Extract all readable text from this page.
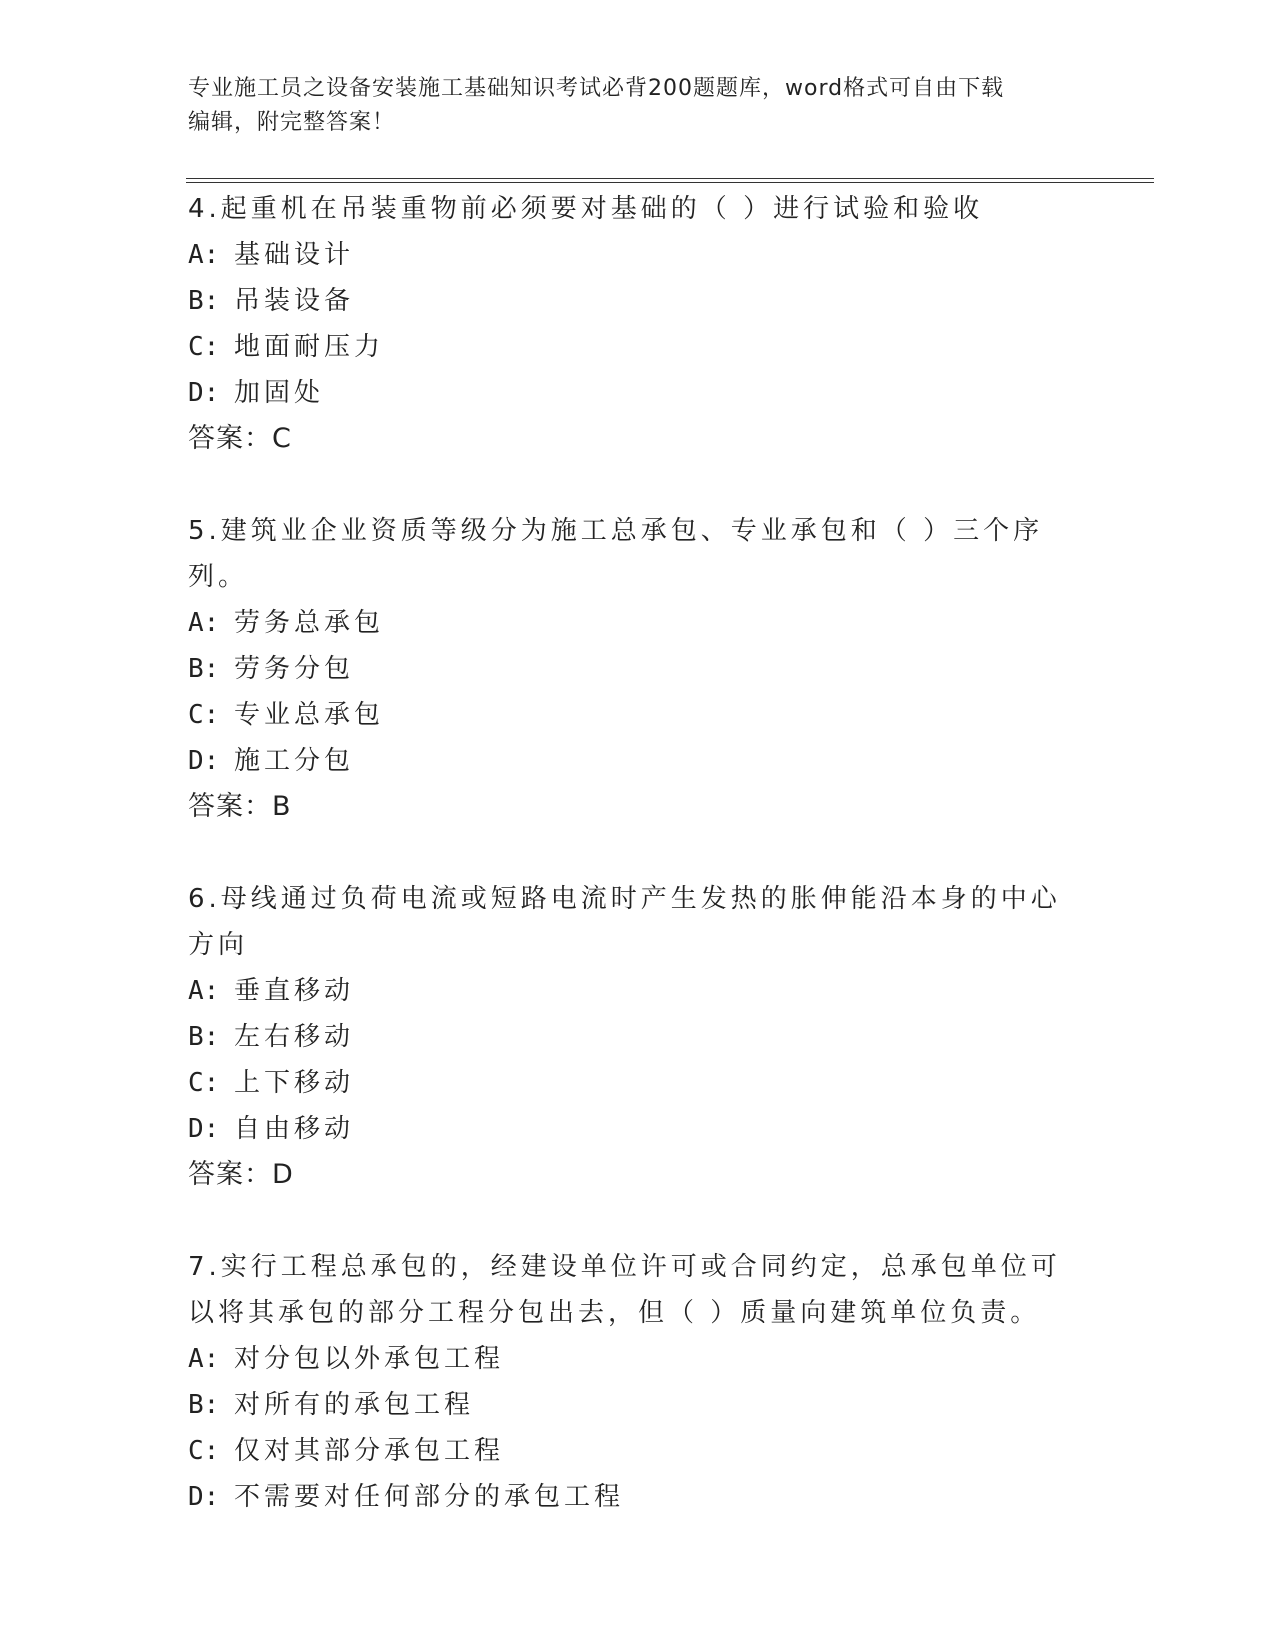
专业施工员之设备安装施工基础知识考试必背200题题库，word格式可自由下载
编辑，附完整答案！
4.起重机在吊装重物前必须要对基础的（ ）进行试验和验收
A: 基础设计
B: 吊装设备
C: 地面耐压力
D: 加固处
答案：C
5.建筑业企业资质等级分为施工总承包、专业承包和（ ）三个序列。
A: 劳务总承包
B: 劳务分包
C: 专业总承包
D: 施工分包
答案：B
6.母线通过负荷电流或短路电流时产生发热的胀伸能沿本身的中心方向
A: 垂直移动
B: 左右移动
C: 上下移动
D: 自由移动
答案：D
7.实行工程总承包的，经建设单位许可或合同约定，总承包单位可以将其承包的部分工程分包出去，但（ ）质量向建筑单位负责。
A: 对分包以外承包工程
B: 对所有的承包工程
C: 仅对其部分承包工程
D: 不需要对任何部分的承包工程
